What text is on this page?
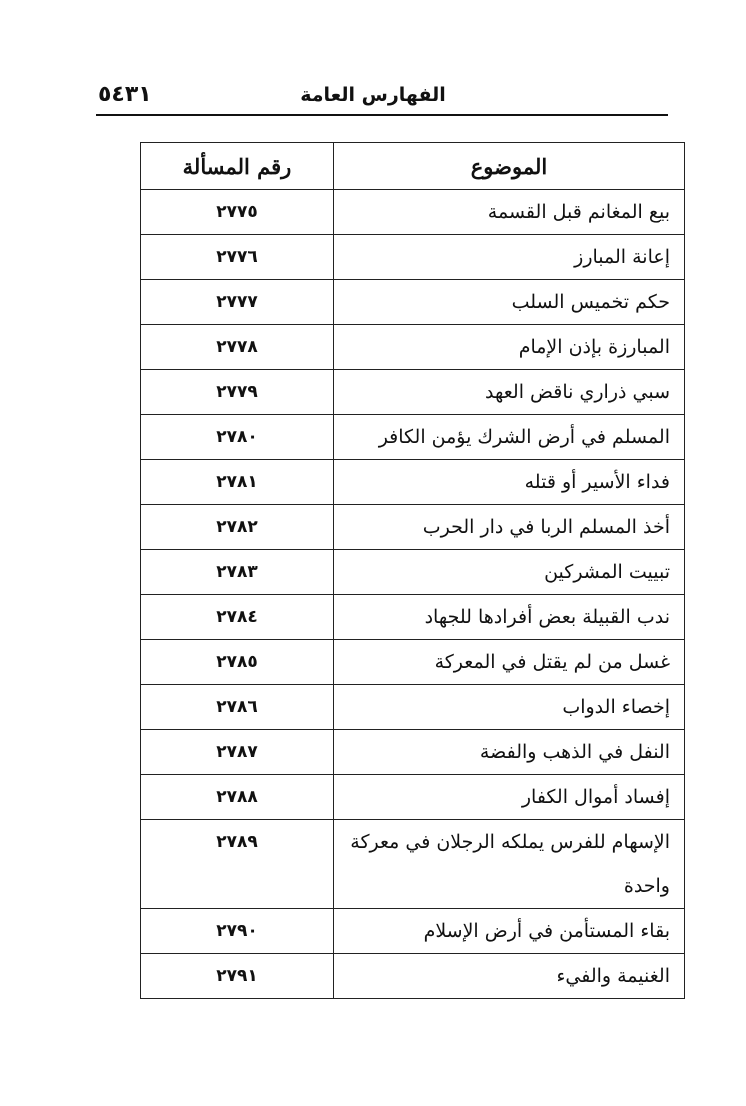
٥٤٣١	الفهارس العامة
الموضوع	رقم المسألة
بيع المغانم قبل القسمة	٢٧٧٥
إعانة المبارز	٢٧٧٦
حكم تخميس السلب	٢٧٧٧
المبارزة بإذن الإمام	٢٧٧٨
سبي ذراري ناقض العهد	٢٧٧٩
المسلم في أرض الشرك يؤمن الكافر	٢٧٨٠
فداء الأسير أو قتله	٢٧٨١
أخذ المسلم الربا في دار الحرب	٢٧٨٢
تبييت المشركين	٢٧٨٣
ندب القبيلة بعض أفرادها للجهاد	٢٧٨٤
غسل من لم يقتل في المعركة	٢٧٨٥
إخصاء الدواب	٢٧٨٦
النفل في الذهب والفضة	٢٧٨٧
إفساد أموال الكفار	٢٧٨٨
الإسهام للفرس يملكه الرجلان في معركة واحدة	٢٧٨٩
بقاء المستأمن في أرض الإسلام	٢٧٩٠
الغنيمة والفيء	٢٧٩١
